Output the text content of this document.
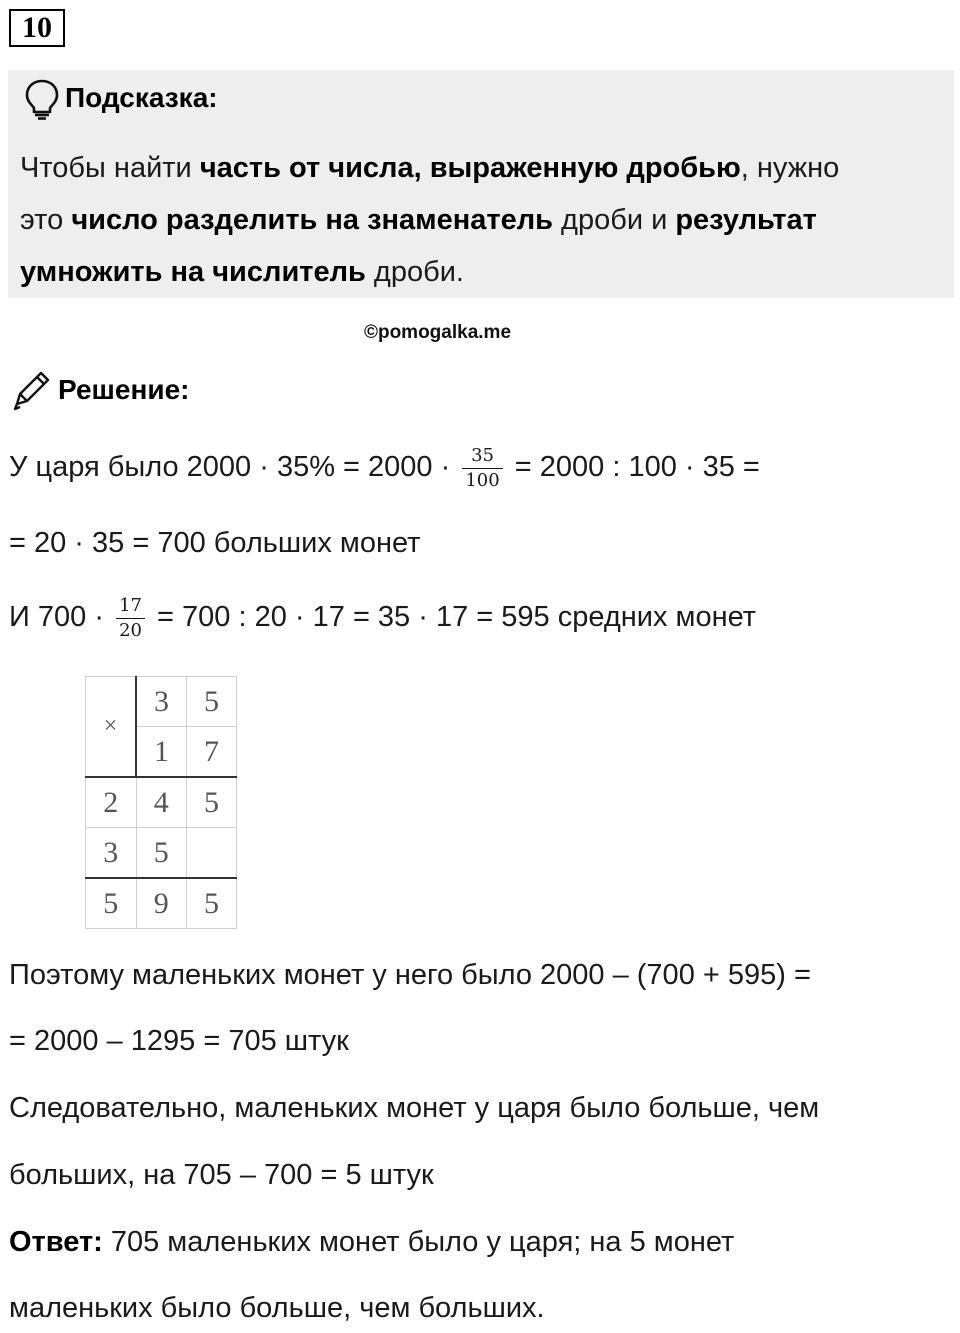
10
Подсказка:
Чтобы найти часть от числа, выраженную дробью, нужно
это число разделить на знаменатель дроби и результат
умножить на числитель дроби.
©pomogalka.me
Решение:
У царя было $2000 \cdot 35\% = 2000 \cdot \frac{35}{100} = 2000$ : 100 · 35 =
= 20 · 35 = 700 больших монет
И $700 \cdot \frac{17}{20} = 700$ : 20 · 17 = 35 · 17 = 595 средних монет
×	3	5
	1	7
2	4	5
3	5	
5	9	5
Поэтому маленьких монет у него было 2000 – (700 + 595) =
= 2000 – 1295 = 705 штук
Следовательно, маленьких монет у царя было больше, чем
больших, на 705 – 700 = 5 штук
Ответ: 705 маленьких монет было у царя; на 5 монет
маленьких было больше, чем больших.
